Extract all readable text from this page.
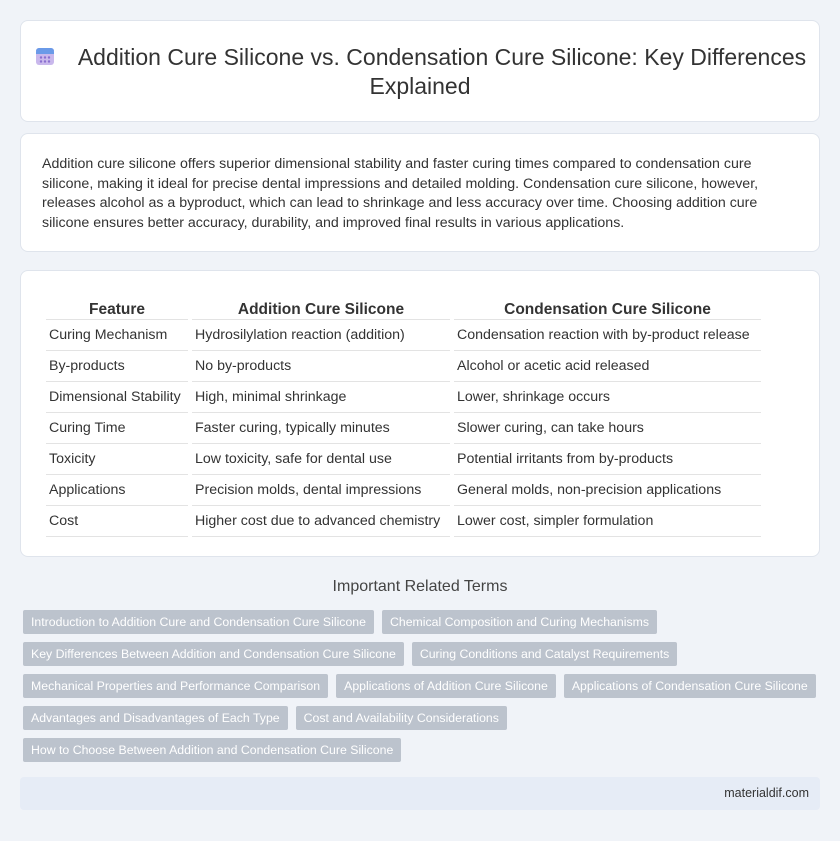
Addition Cure Silicone vs. Condensation Cure Silicone: Key Differences Explained

Addition cure silicone offers superior dimensional stability and faster curing times compared to condensation cure silicone, making it ideal for precise dental impressions and detailed molding. Condensation cure silicone, however, releases alcohol as a byproduct, which can lead to shrinkage and less accuracy over time. Choosing addition cure silicone ensures better accuracy, durability, and improved final results in various applications.

Feature	Addition Cure Silicone	Condensation Cure Silicone
Curing Mechanism	Hydrosilylation reaction (addition)	Condensation reaction with by-product release
By-products	No by-products	Alcohol or acetic acid released
Dimensional Stability	High, minimal shrinkage	Lower, shrinkage occurs
Curing Time	Faster curing, typically minutes	Slower curing, can take hours
Toxicity	Low toxicity, safe for dental use	Potential irritants from by-products
Applications	Precision molds, dental impressions	General molds, non-precision applications
Cost	Higher cost due to advanced chemistry	Lower cost, simpler formulation
Important Related Terms
Introduction to Addition Cure and Condensation Cure Silicone	Chemical Composition and Curing Mechanisms
Key Differences Between Addition and Condensation Cure Silicone	Curing Conditions and Catalyst Requirements
Mechanical Properties and Performance Comparison	Applications of Addition Cure Silicone	Applications of Condensation Cure Silicone
Advantages and Disadvantages of Each Type	Cost and Availability Considerations
How to Choose Between Addition and Condensation Cure Silicone
materialdif.com
